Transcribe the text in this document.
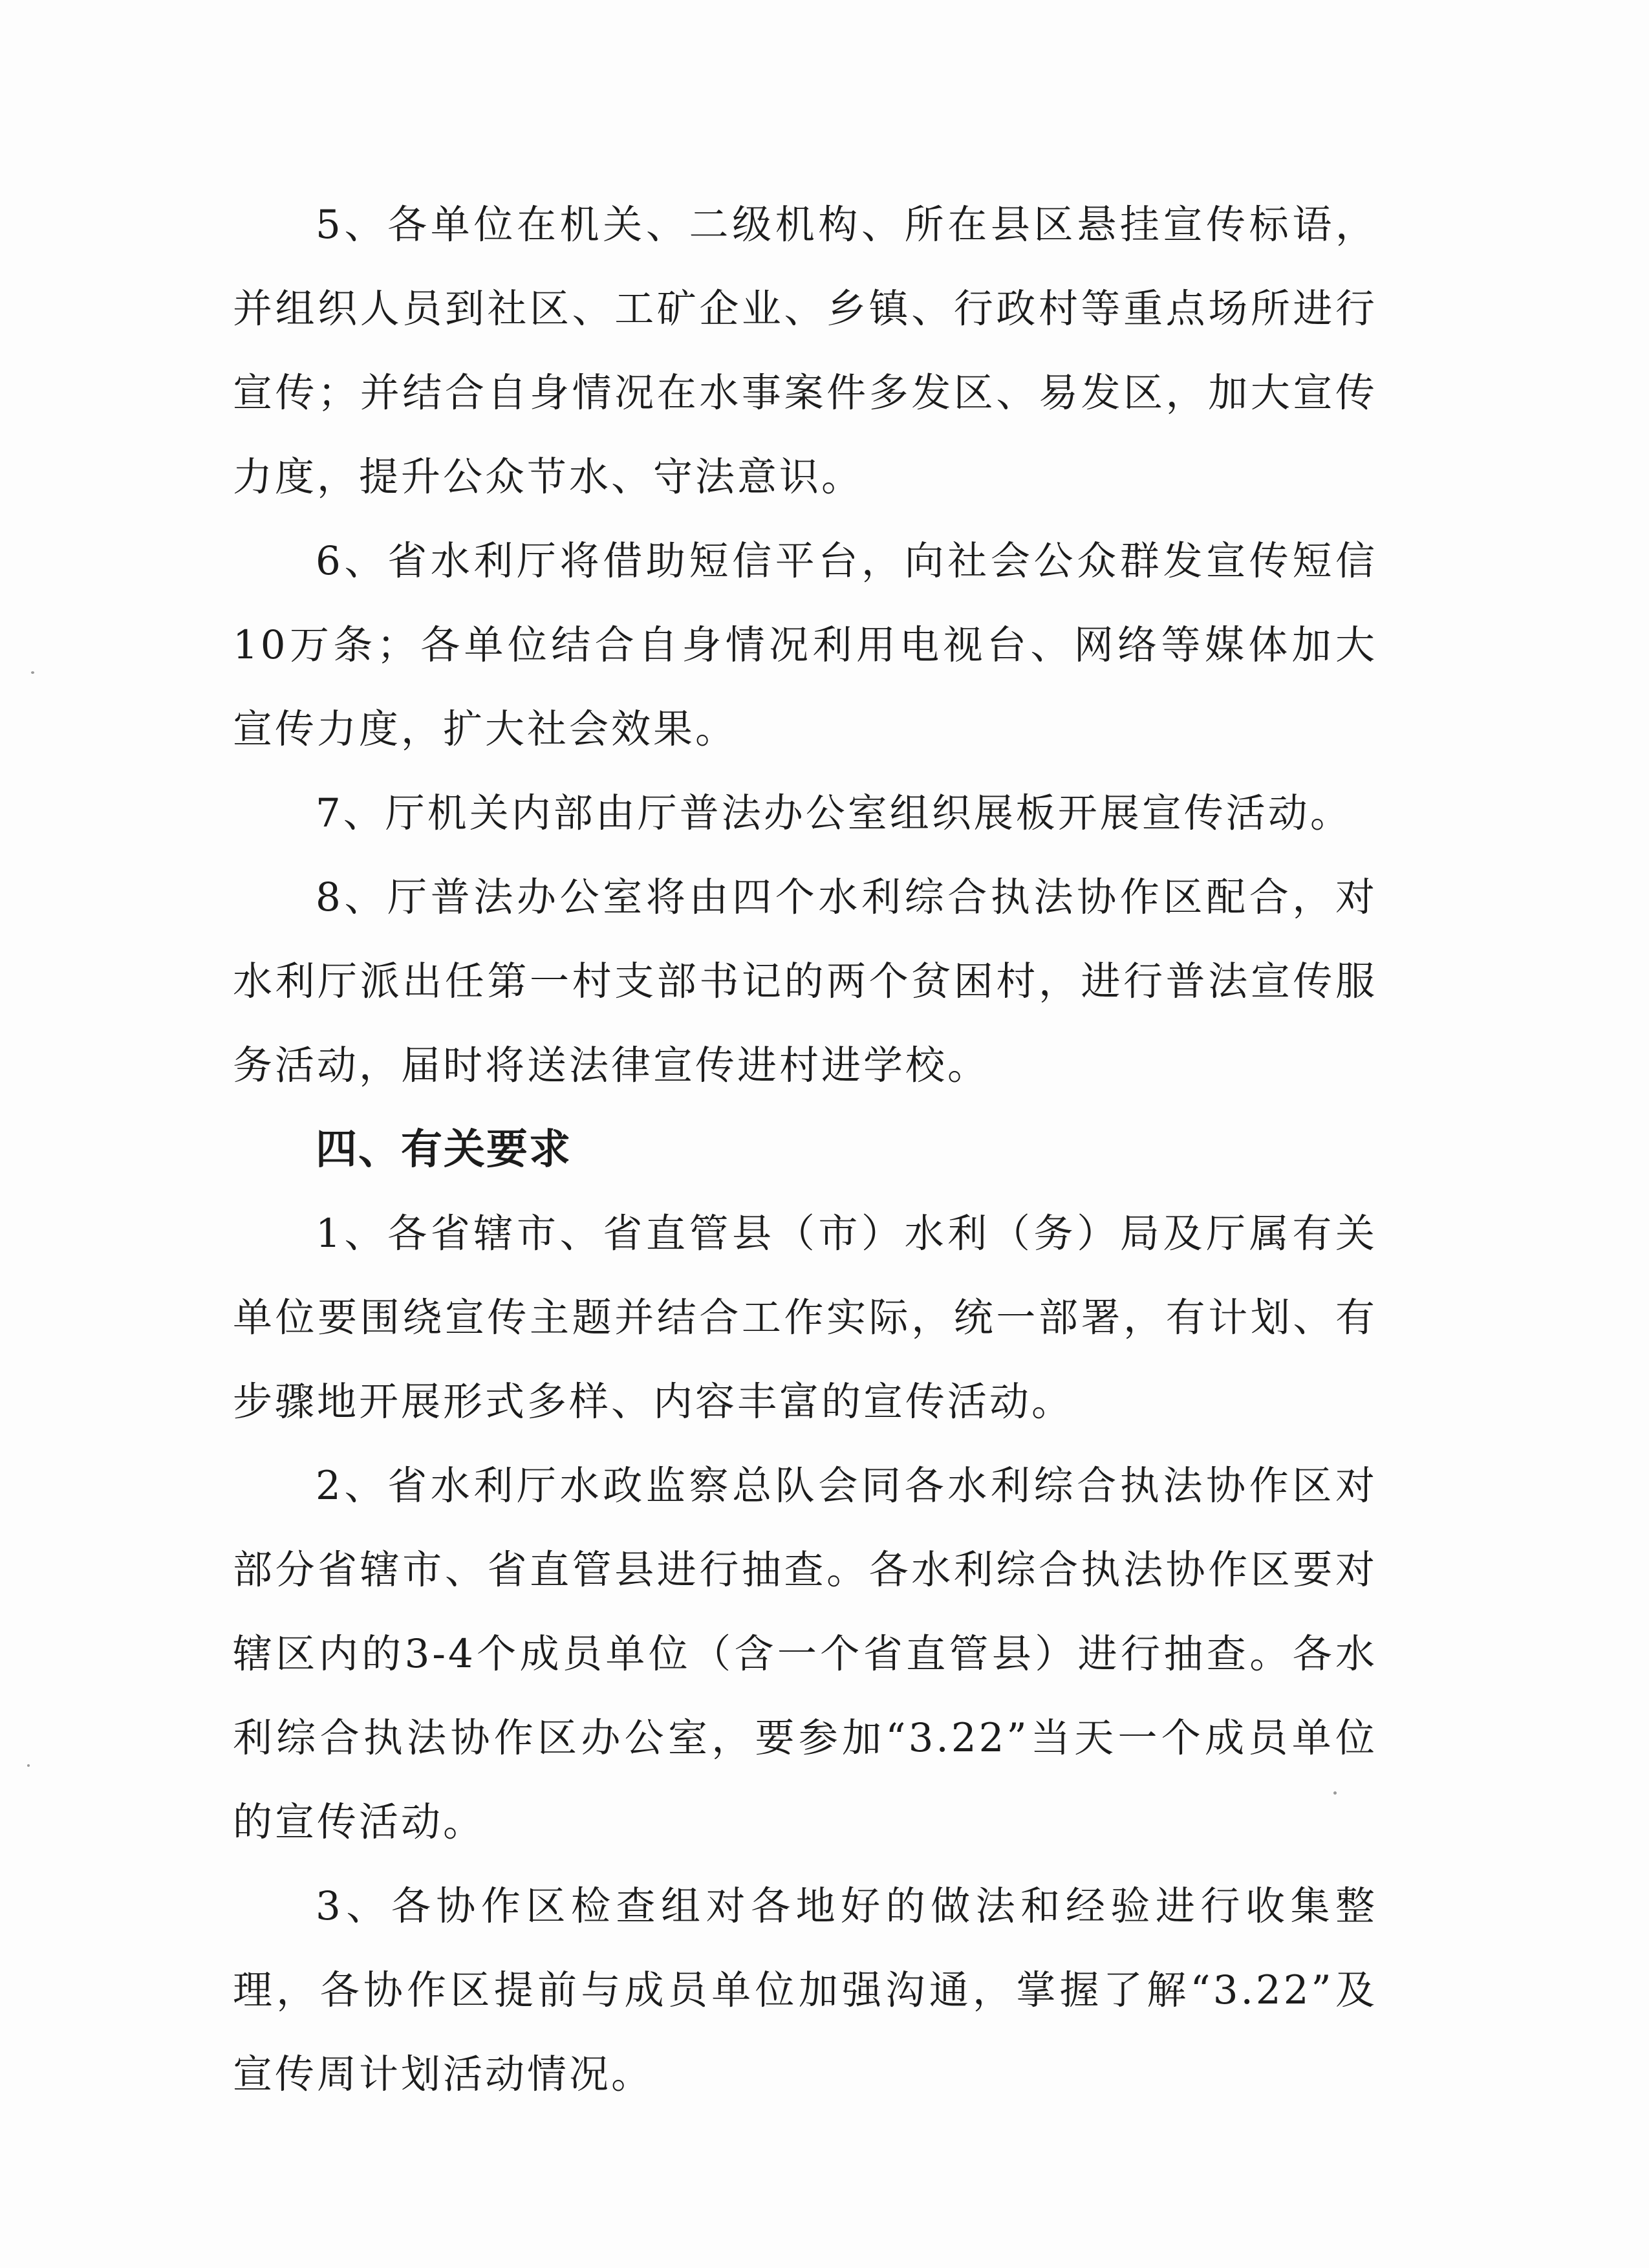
5、各单位在机关、二级机构、所在县区悬挂宣传标语，并组织人员到社区、工矿企业、乡镇、行政村等重点场所进行宣传；并结合自身情况在水事案件多发区、易发区，加大宣传力度，提升公众节水、守法意识。

6、省水利厅将借助短信平台，向社会公众群发宣传短信10万条；各单位结合自身情况利用电视台、网络等媒体加大宣传力度，扩大社会效果。

7、厅机关内部由厅普法办公室组织展板开展宣传活动。

8、厅普法办公室将由四个水利综合执法协作区配合，对水利厅派出任第一村支部书记的两个贫困村，进行普法宣传服务活动，届时将送法律宣传进村进学校。

四、有关要求

1、各省辖市、省直管县（市）水利（务）局及厅属有关单位要围绕宣传主题并结合工作实际，统一部署，有计划、有步骤地开展形式多样、内容丰富的宣传活动。

2、省水利厅水政监察总队会同各水利综合执法协作区对部分省辖市、省直管县进行抽查。各水利综合执法协作区要对辖区内的3-4个成员单位（含一个省直管县）进行抽查。各水利综合执法协作区办公室，要参加“3.22”当天一个成员单位的宣传活动。

3、各协作区检查组对各地好的做法和经验进行收集整理，各协作区提前与成员单位加强沟通，掌握了解“3.22”及宣传周计划活动情况。
